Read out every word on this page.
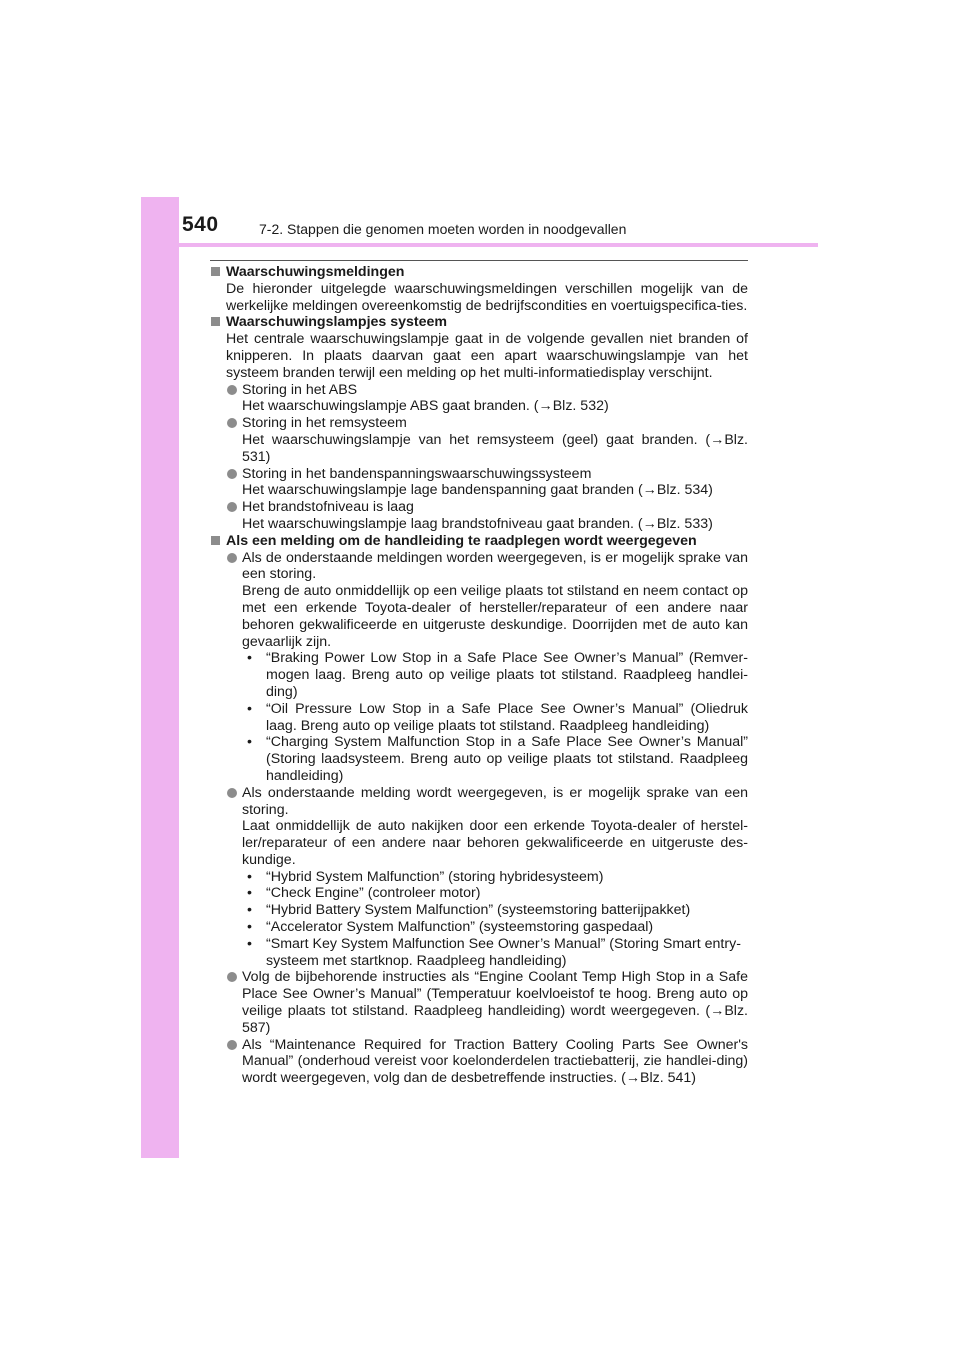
540	7-2. Stappen die genomen moeten worden in noodgevallen
Waarschuwingsmeldingen

De hieronder uitgelegde waarschuwingsmeldingen verschillen mogelijk van de werkelijke meldingen overeenkomstig de bedrijfscondities en voertuigspecifica-ties.

Waarschuwingslampjes systeem

Het centrale waarschuwingslampje gaat in de volgende gevallen niet branden of knipperen. In plaats daarvan gaat een apart waarschuwingslampje van het systeem branden terwijl een melding op het multi-informatiedisplay verschijnt.

Storing in het ABS

Het waarschuwingslampje ABS gaat branden. (→Blz. 532)

Storing in het remsysteem

Het waarschuwingslampje van het remsysteem (geel) gaat branden. (→Blz. 531)

Storing in het bandenspanningswaarschuwingssysteem

Het waarschuwingslampje lage bandenspanning gaat branden (→Blz. 534)

Het brandstofniveau is laag

Het waarschuwingslampje laag brandstofniveau gaat branden. (→Blz. 533)

Als een melding om de handleiding te raadplegen wordt weergegeven

Als de onderstaande meldingen worden weergegeven, is er mogelijk sprake van een storing.

Breng de auto onmiddellijk op een veilige plaats tot stilstand en neem contact op met een erkende Toyota-dealer of hersteller/reparateur of een andere naar behoren gekwalificeerde en uitgeruste deskundige. Doorrijden met de auto kan gevaarlijk zijn.

• “Braking Power Low Stop in a Safe Place See Owner’s Manual” (Remver-mogen laag. Breng auto op veilige plaats tot stilstand. Raadpleeg handlei-ding)
• “Oil Pressure Low Stop in a Safe Place See Owner’s Manual” (Oliedruk laag. Breng auto op veilige plaats tot stilstand. Raadpleeg handleiding)
• “Charging System Malfunction Stop in a Safe Place See Owner’s Manual” (Storing laadsysteem. Breng auto op veilige plaats tot stilstand. Raadpleeg handleiding)

Als onderstaande melding wordt weergegeven, is er mogelijk sprake van een storing.

Laat onmiddellijk de auto nakijken door een erkende Toyota-dealer of herstel-ler/reparateur of een andere naar behoren gekwalificeerde en uitgeruste des-kundige.

• “Hybrid System Malfunction” (storing hybridesysteem)
• “Check Engine” (controleer motor)
• “Hybrid Battery System Malfunction” (systeemstoring batterijpakket)
• “Accelerator System Malfunction” (systeemstoring gaspedaal)
• “Smart Key System Malfunction See Owner’s Manual” (Storing Smart entry-systeem met startknop. Raadpleeg handleiding)

Volg de bijbehorende instructies als “Engine Coolant Temp High Stop in a Safe Place See Owner’s Manual” (Temperatuur koelvloeistof te hoog. Breng auto op veilige plaats tot stilstand. Raadpleeg handleiding) wordt weergegeven. (→Blz. 587)

Als “Maintenance Required for Traction Battery Cooling Parts See Owner's Manual” (onderhoud vereist voor koelonderdelen tractiebatterij, zie handlei-ding) wordt weergegeven, volg dan de desbetreffende instructies. (→Blz. 541)
